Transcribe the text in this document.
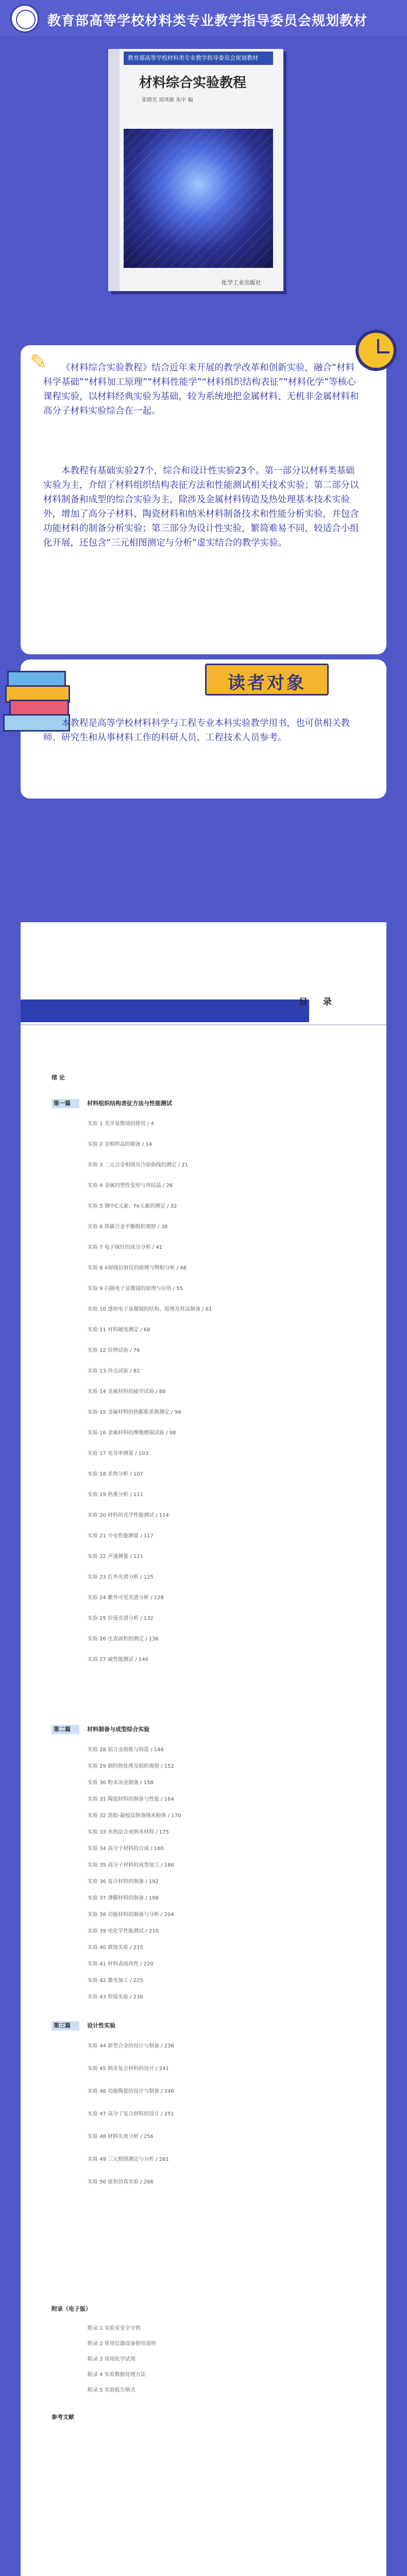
教育部高等学校材料类专业教学指导委员会规划教材
教育部高等学校材料类专业教学指导委员会规划教材
材料综合实验教程
张晓光 周凤敏 朱中 编
化学工业出版社
✎	《材料综合实验教程》结合近年来开展的教学改革和创新实验，融合“材料科学基础”“材料加工原理”“材料性能学”“材料组织结构表征”“材料化学”等核心课程实验，以材料经典实验为基础，较为系统地把金属材料、无机非金属材料和高分子材料实验综合在一起。
本教程有基础实验27个，综合和设计性实验23个。第一部分以材料类基础实验为主，介绍了材料组织结构表征方法和性能测试相关技术实验；第二部分以材料制备和成型的综合实验为主，除涉及金属材料铸造及热处理基本技术实验外，增加了高分子材料、陶瓷材料和纳米材料制备技术和性能分析实验，并包含功能材料的制备分析实验；第三部分为设计性实验，繁简难易不同，较适合小组化开展，还包含“三元相图测定与分析”虚实结合的教学实验。
读者对象
本教程是高等学校材料科学与工程专业本科实验教学用书，也可供相关教师、研究生和从事材料工作的科研人员、工程技术人员参考。
目 录
绪 论
第一篇	材料组织结构表征方法与性能测试
实验 1 光学显微镜的使用 / 4
实验 2 金相样品的制备 / 14
实验 3 二元合金相图及冷却曲线的测定 / 21
实验 4 金属的塑性变形与再结晶 / 26
实验 5 钢中C元素、Fe元素的测定 / 32
实验 6 铁碳合金平衡组织观察 / 38
实验 7 电子探针的成分分析 / 41
实验 8 X射线衍射仪的原理与物相分析 / 48
实验 9 扫描电子显微镜的原理与应用 / 55
实验 10 透射电子显微镜的结构、原理及样品制备 / 61
实验 11 材料硬度测定 / 68
实验 12 拉伸试验 / 76
实验 13 冲击试验 / 82
实验 14 金属材料的疲劳试验 / 88
实验 15 金属材料的热膨胀系数测定 / 94
实验 16 金属材料的摩擦磨损试验 / 98
实验 17 电导率测量 / 103
实验 18 差热分析 / 107
实验 19 热重分析 / 111
实验 20 材料的光学性能测试 / 114
实验 21 介电性能测量 / 117
实验 22 声速测量 / 121
实验 23 红外光谱分析 / 125
实验 24 紫外可见光谱分析 / 128
实验 25 拉曼光谱分析 / 132
实验 26 比表面积的测定 / 136
实验 27 磁性能测试 / 140
第二篇	材料制备与成型综合实验
实验 28 铝合金熔炼与铸造 / 146
实验 29 钢的热处理及组织观察 / 152
实验 30 粉末冶金制备 / 158
实验 31 陶瓷材料的制备与性能 / 164
实验 32 溶胶-凝胶法制备纳米粉体 / 170
实验 33 水热法合成纳米材料 / 175
实验 34 高分子材料的合成 / 180
实验 35 高分子材料的成型加工 / 186
实验 36 复合材料的制备 / 192
实验 37 薄膜材料的制备 / 198
实验 38 功能材料的制备与分析 / 204
实验 39 电化学性能测试 / 210
实验 40 腐蚀实验 / 215
实验 41 材料表面改性 / 220
实验 42 激光加工 / 225
实验 43 焊接实验 / 230
第三篇	设计性实验
实验 44 新型合金的设计与制备 / 236
实验 45 纳米复合材料的设计 / 241
实验 46 功能陶瓷的设计与制备 / 246
实验 47 高分子复合材料的设计 / 251
实验 48 材料失效分析 / 256
实验 49 三元相图测定与分析 / 261
实验 50 虚拟仿真实验 / 266
附录（电子版）
附录 1 实验室安全守则
附录 2 常用仪器设备使用说明
附录 3 常用化学试剂
附录 4 实验数据处理方法
附录 5 实验报告格式
参考文献
